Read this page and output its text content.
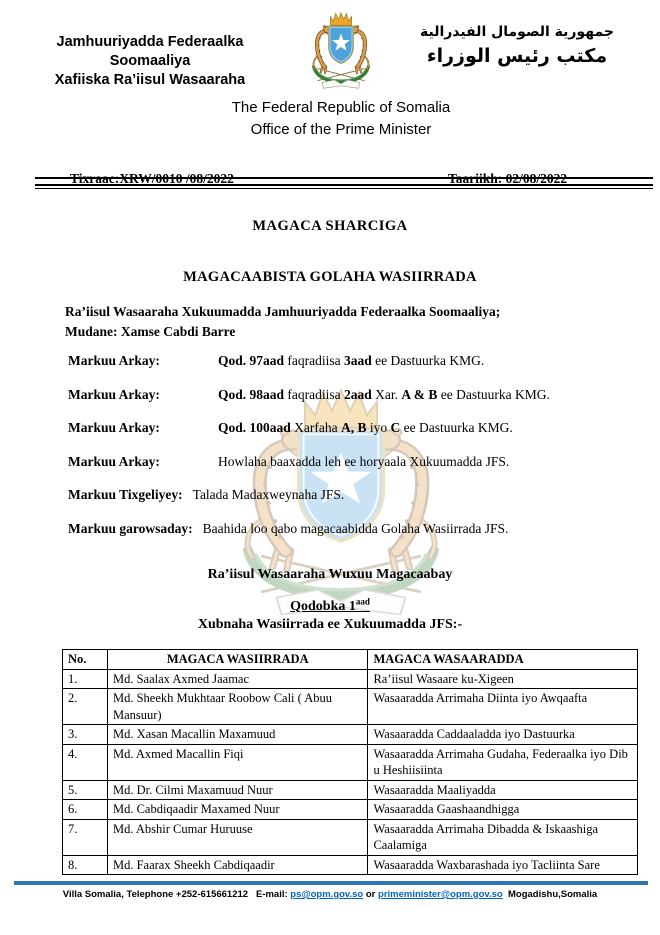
Jamhuuriyadda Federaalka Soomaaliya
Xafiiska Ra’iisul Wasaaraha
جمهورية الصومال الفيدرالية
مكتب رئيس الوزراء
The Federal Republic of Somalia
Office of the Prime Minister
Tixraac:XRW/0010 /08/2022	Taariikh: 02/08/2022
MAGACA SHARCIGA
MAGACAABISTA GOLAHA WASIIRRADA
Ra’iisul Wasaaraha Xukuumadda Jamhuuriyadda Federaalka Soomaaliya;
Mudane: Xamse Cabdi Barre
Markuu Arkay:	Qod. 97aad faqradiisa 3aad ee Dastuurka KMG.
Markuu Arkay:	Qod. 98aad faqradiisa 2aad Xar. A & B ee Dastuurka KMG.
Markuu Arkay:	Qod. 100aad Xarfaha A, B iyo C ee Dastuurka KMG.
Markuu Arkay:	Howlaha baaxadda leh ee horyaala Xukuumadda JFS.
Markuu Tixgeliyey: Talada Madaxweynaha JFS.
Markuu garowsaday: Baahida loo qabo magacaabidda Golaha Wasiirrada JFS.
Ra’iisul Wasaaraha Wuxuu Magacaabay
Qodobka $1^{aad}$
Xubnaha Wasiirrada ee Xukuumadda JFS:-
No.	MAGACA WASIIRRADA	MAGACA WASAARADDA
1.	Md. Saalax Axmed Jaamac	Ra’iisul Wasaare ku-Xigeen
2.	Md. Sheekh Mukhtaar Roobow Cali ( Abuu Mansuur)	Wasaaradda Arrimaha Diinta iyo Awqaafta
3.	Md. Xasan Macallin Maxamuud	Wasaaradda Caddaaladda iyo Dastuurka
4.	Md. Axmed Macallin Fiqi	Wasaaradda Arrimaha Gudaha, Federaalka iyo Dib u Heshiisiinta
5.	Md. Dr. Cilmi Maxamuud Nuur	Wasaaradda Maaliyadda
6.	Md. Cabdiqaadir Maxamed Nuur	Wasaaradda Gaashaandhigga
7.	Md. Abshir Cumar Huruuse	Wasaaradda Arrimaha Dibadda & Iskaashiga Caalamiga
8.	Md. Faarax Sheekh Cabdiqaadir	Wasaaradda Waxbarashada iyo Tacliinta Sare
Villa Somalia, Telephone +252-615661212   E-mail: ps@opm.gov.so or primeminister@opm.gov.so  Mogadishu,Somalia
